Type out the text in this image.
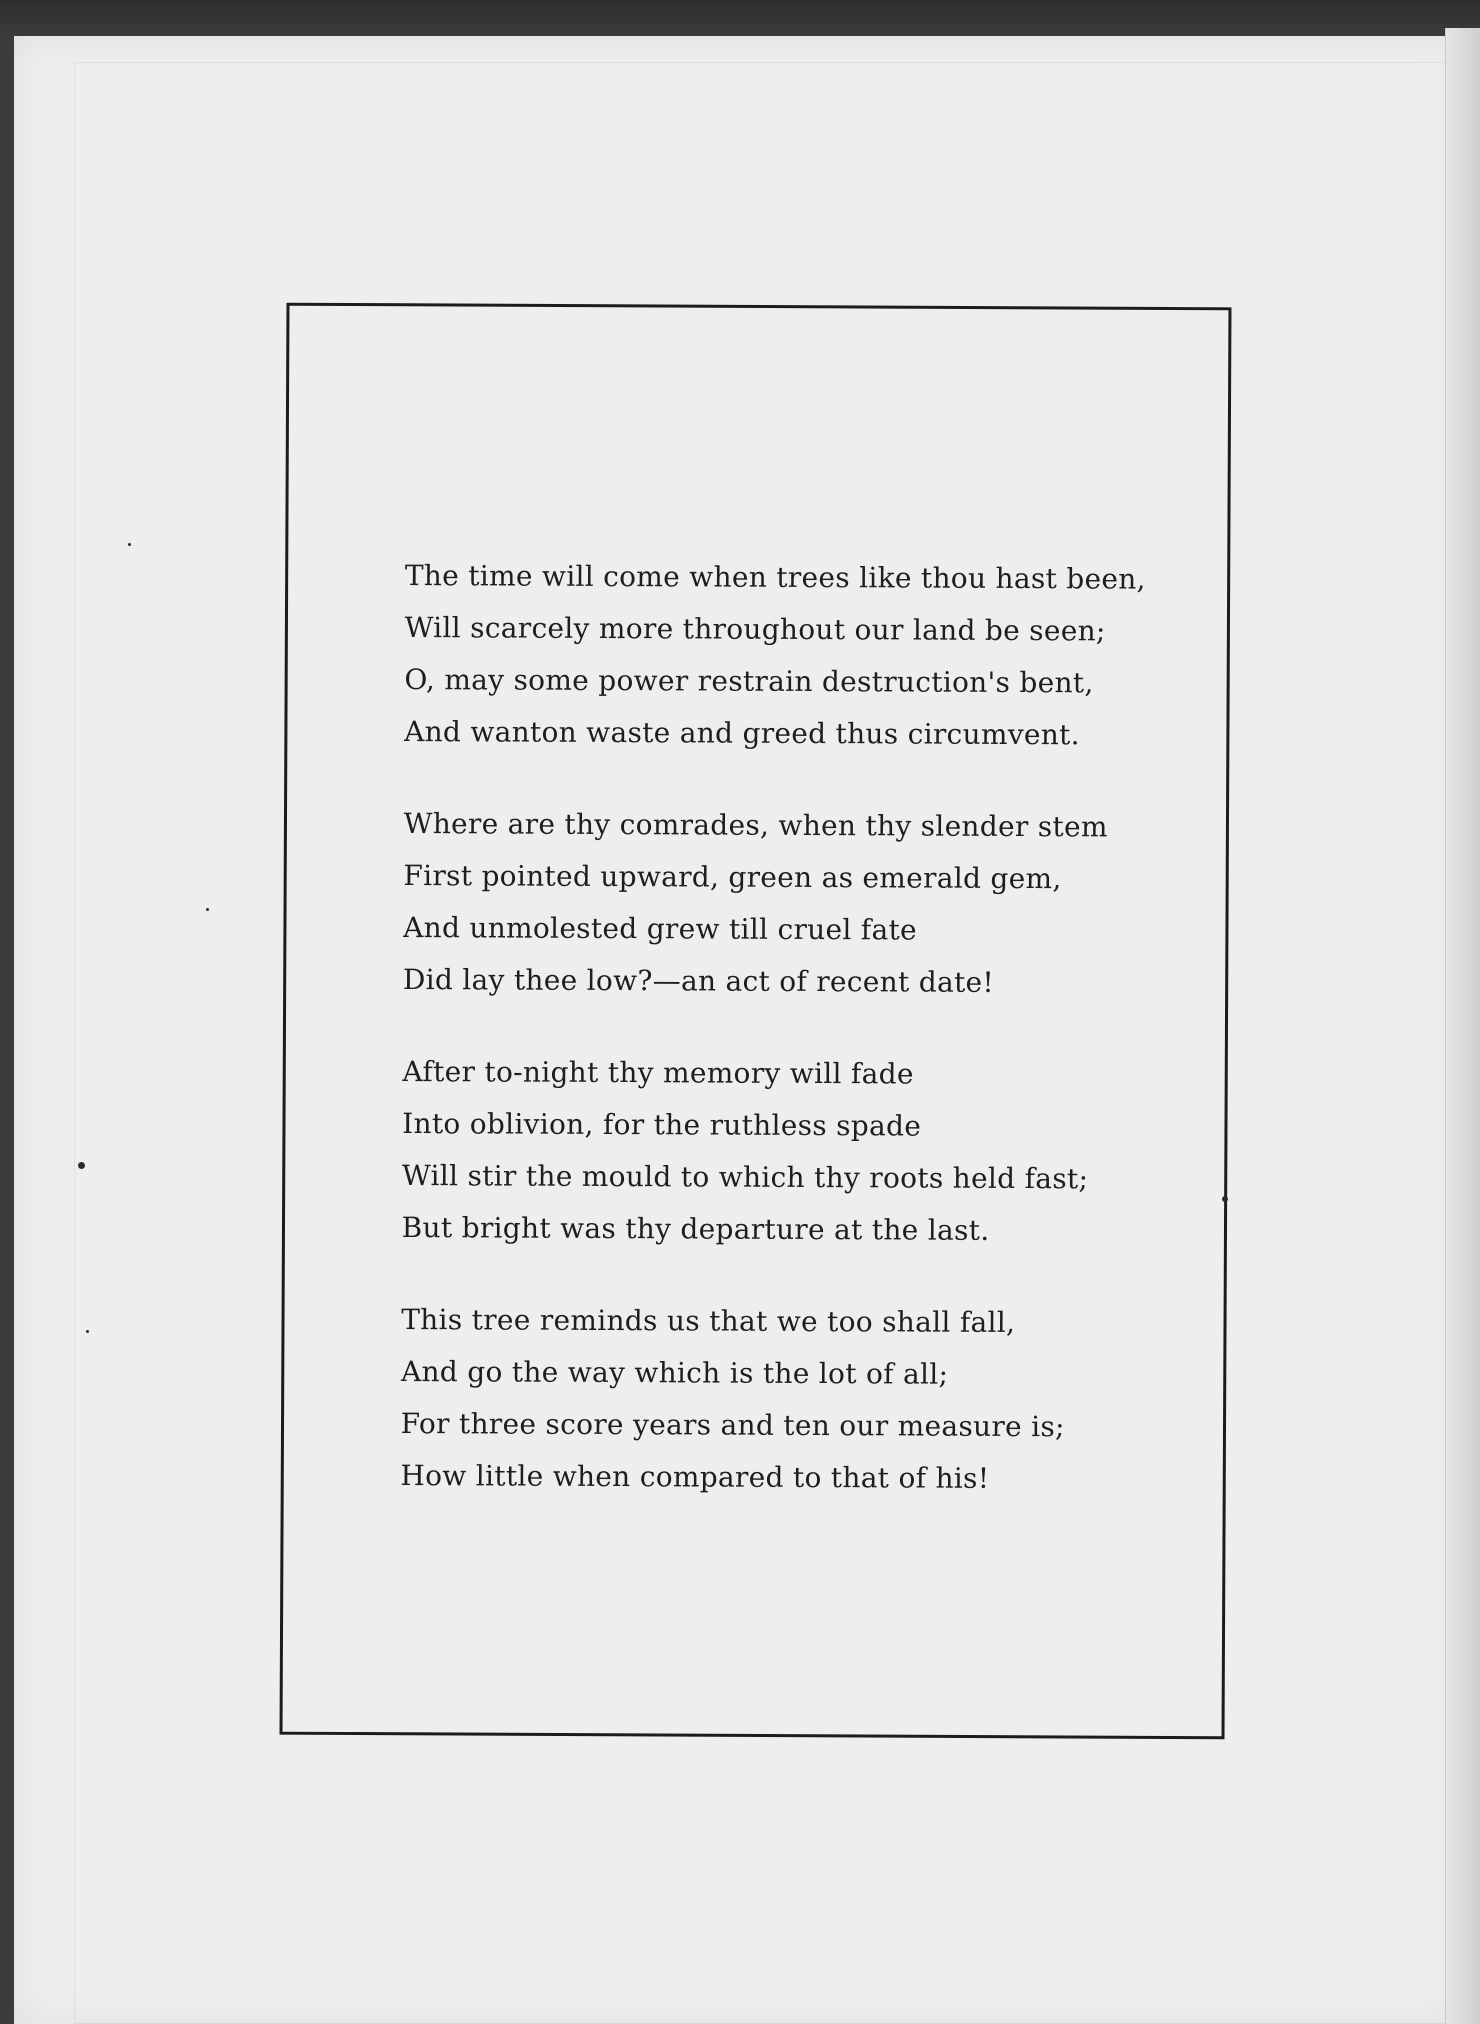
The time will come when trees like thou hast been,
Will scarcely more throughout our land be seen;
O, may some power restrain destruction's bent,
And wanton waste and greed thus circumvent.
Where are thy comrades, when thy slender stem
First pointed upward, green as emerald gem,
And unmolested grew till cruel fate
Did lay thee low?—an act of recent date!
After to-night thy memory will fade
Into oblivion, for the ruthless spade
Will stir the mould to which thy roots held fast;
But bright was thy departure at the last.
This tree reminds us that we too shall fall,
And go the way which is the lot of all;
For three score years and ten our measure is;
How little when compared to that of his!
